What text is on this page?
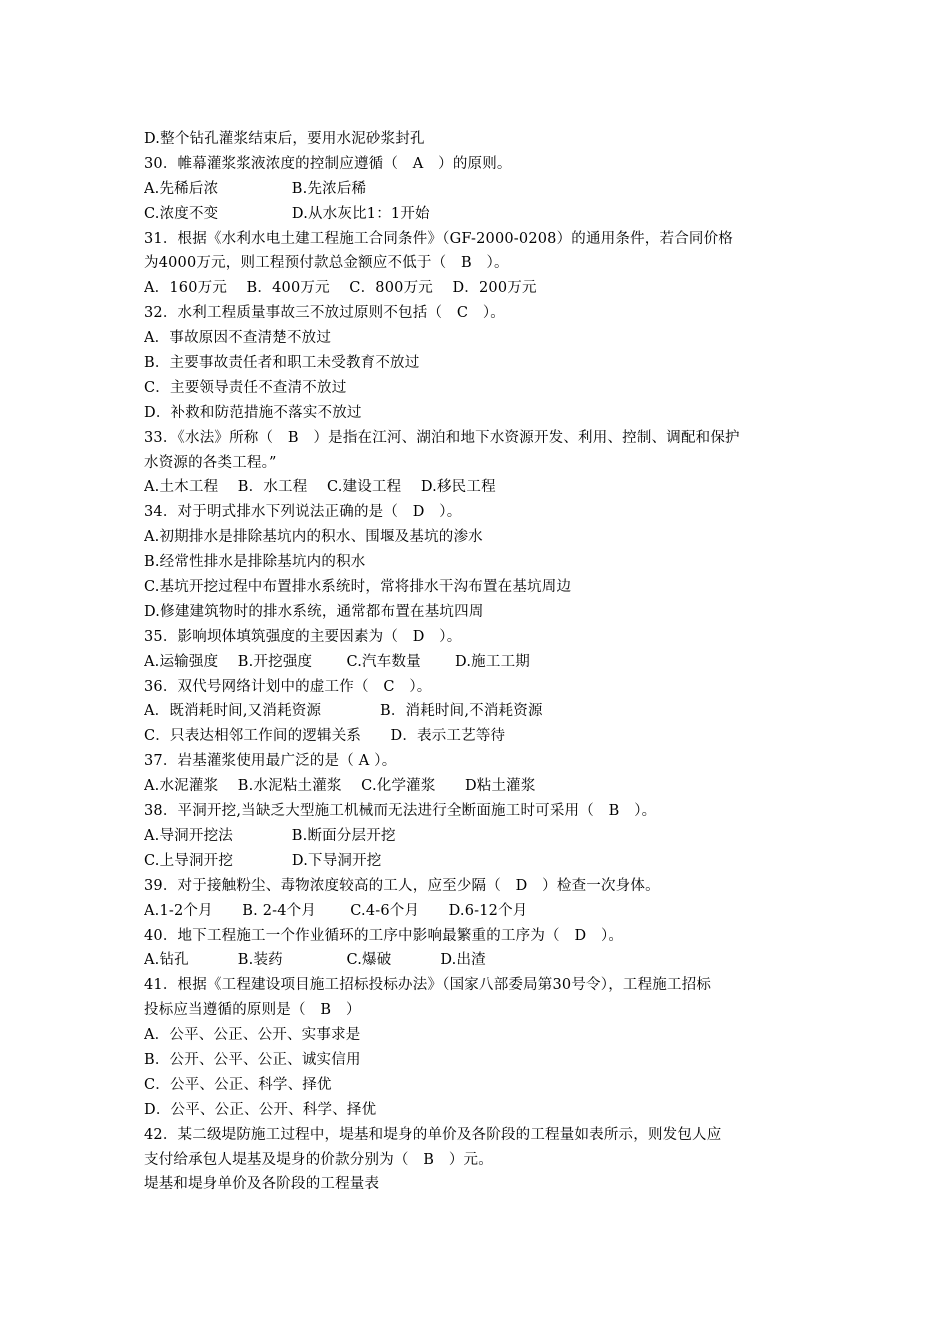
D.整个钻孔灌浆结束后，要用水泥砂浆封孔
30．帷幕灌浆浆液浓度的控制应遵循（　A　）的原则。
A.先稀后浓　　　　　B.先浓后稀
C.浓度不变　　　　　D.从水灰比1：1开始
31．根据《水利水电土建工程施工合同条件》（GF-2000-0208）的通用条件，若合同价格
为4000万元，则工程预付款总金额应不低于（　B　）。
A．160万元　 B．400万元　 C．800万元　 D．200万元
32．水利工程质量事故三不放过原则不包括（　C　）。
A．事故原因不查清楚不放过
B．主要事故责任者和职工未受教育不放过
C．主要领导责任不查清不放过
D．补救和防范措施不落实不放过
33．《水法》所称（　B　）是指在江河、湖泊和地下水资源开发、利用、控制、调配和保护
水资源的各类工程。”
A.土木工程　 B．水工程　 C.建设工程　 D.移民工程
34．对于明式排水下列说法正确的是（　D　）。
A.初期排水是排除基坑内的积水、围堰及基坑的渗水
B.经常性排水是排除基坑内的积水
C.基坑开挖过程中布置排水系统时，常将排水干沟布置在基坑周边
D.修建建筑物时的排水系统，通常都布置在基坑四周
35．影响坝体填筑强度的主要因素为（　D　）。
A.运输强度　 B.开挖强度　　 C.汽车数量　　 D.施工工期
36．双代号网络计划中的虚工作（　C　）。
A．既消耗时间,又消耗资源　　　　B．消耗时间,不消耗资源
C．只表达相邻工作间的逻辑关系　　D．表示工艺等待
37．岩基灌浆使用最广泛的是（ A ）。
A.水泥灌浆　 B.水泥粘土灌浆　 C.化学灌浆　　D粘土灌浆
38．平洞开挖,当缺乏大型施工机械而无法进行全断面施工时可采用（　B　）。
A.导洞开挖法　　　　B.断面分层开挖
C.上导洞开挖　　　　D.下导洞开挖
39．对于接触粉尘、毒物浓度较高的工人，应至少隔（　D　）检查一次身体。
A.1-2个月　　B. 2-4个月　　 C.4-6个月　　D.6-12个月
40．地下工程施工一个作业循环的工序中影响最繁重的工序为（　D　）。
A.钻孔　　　 B.装药　　　　 C.爆破　　　 D.出渣
41．根据《工程建设项目施工招标投标办法》（国家八部委局第30号令），工程施工招标
投标应当遵循的原则是（　B　）
A．公平、公正、公开、实事求是
B．公开、公平、公正、诚实信用
C．公平、公正、科学、择优
D．公平、公正、公开、科学、择优
42．某二级堤防施工过程中，堤基和堤身的单价及各阶段的工程量如表所示，则发包人应
支付给承包人堤基及堤身的价款分别为（　B　）元。
堤基和堤身单价及各阶段的工程量表
